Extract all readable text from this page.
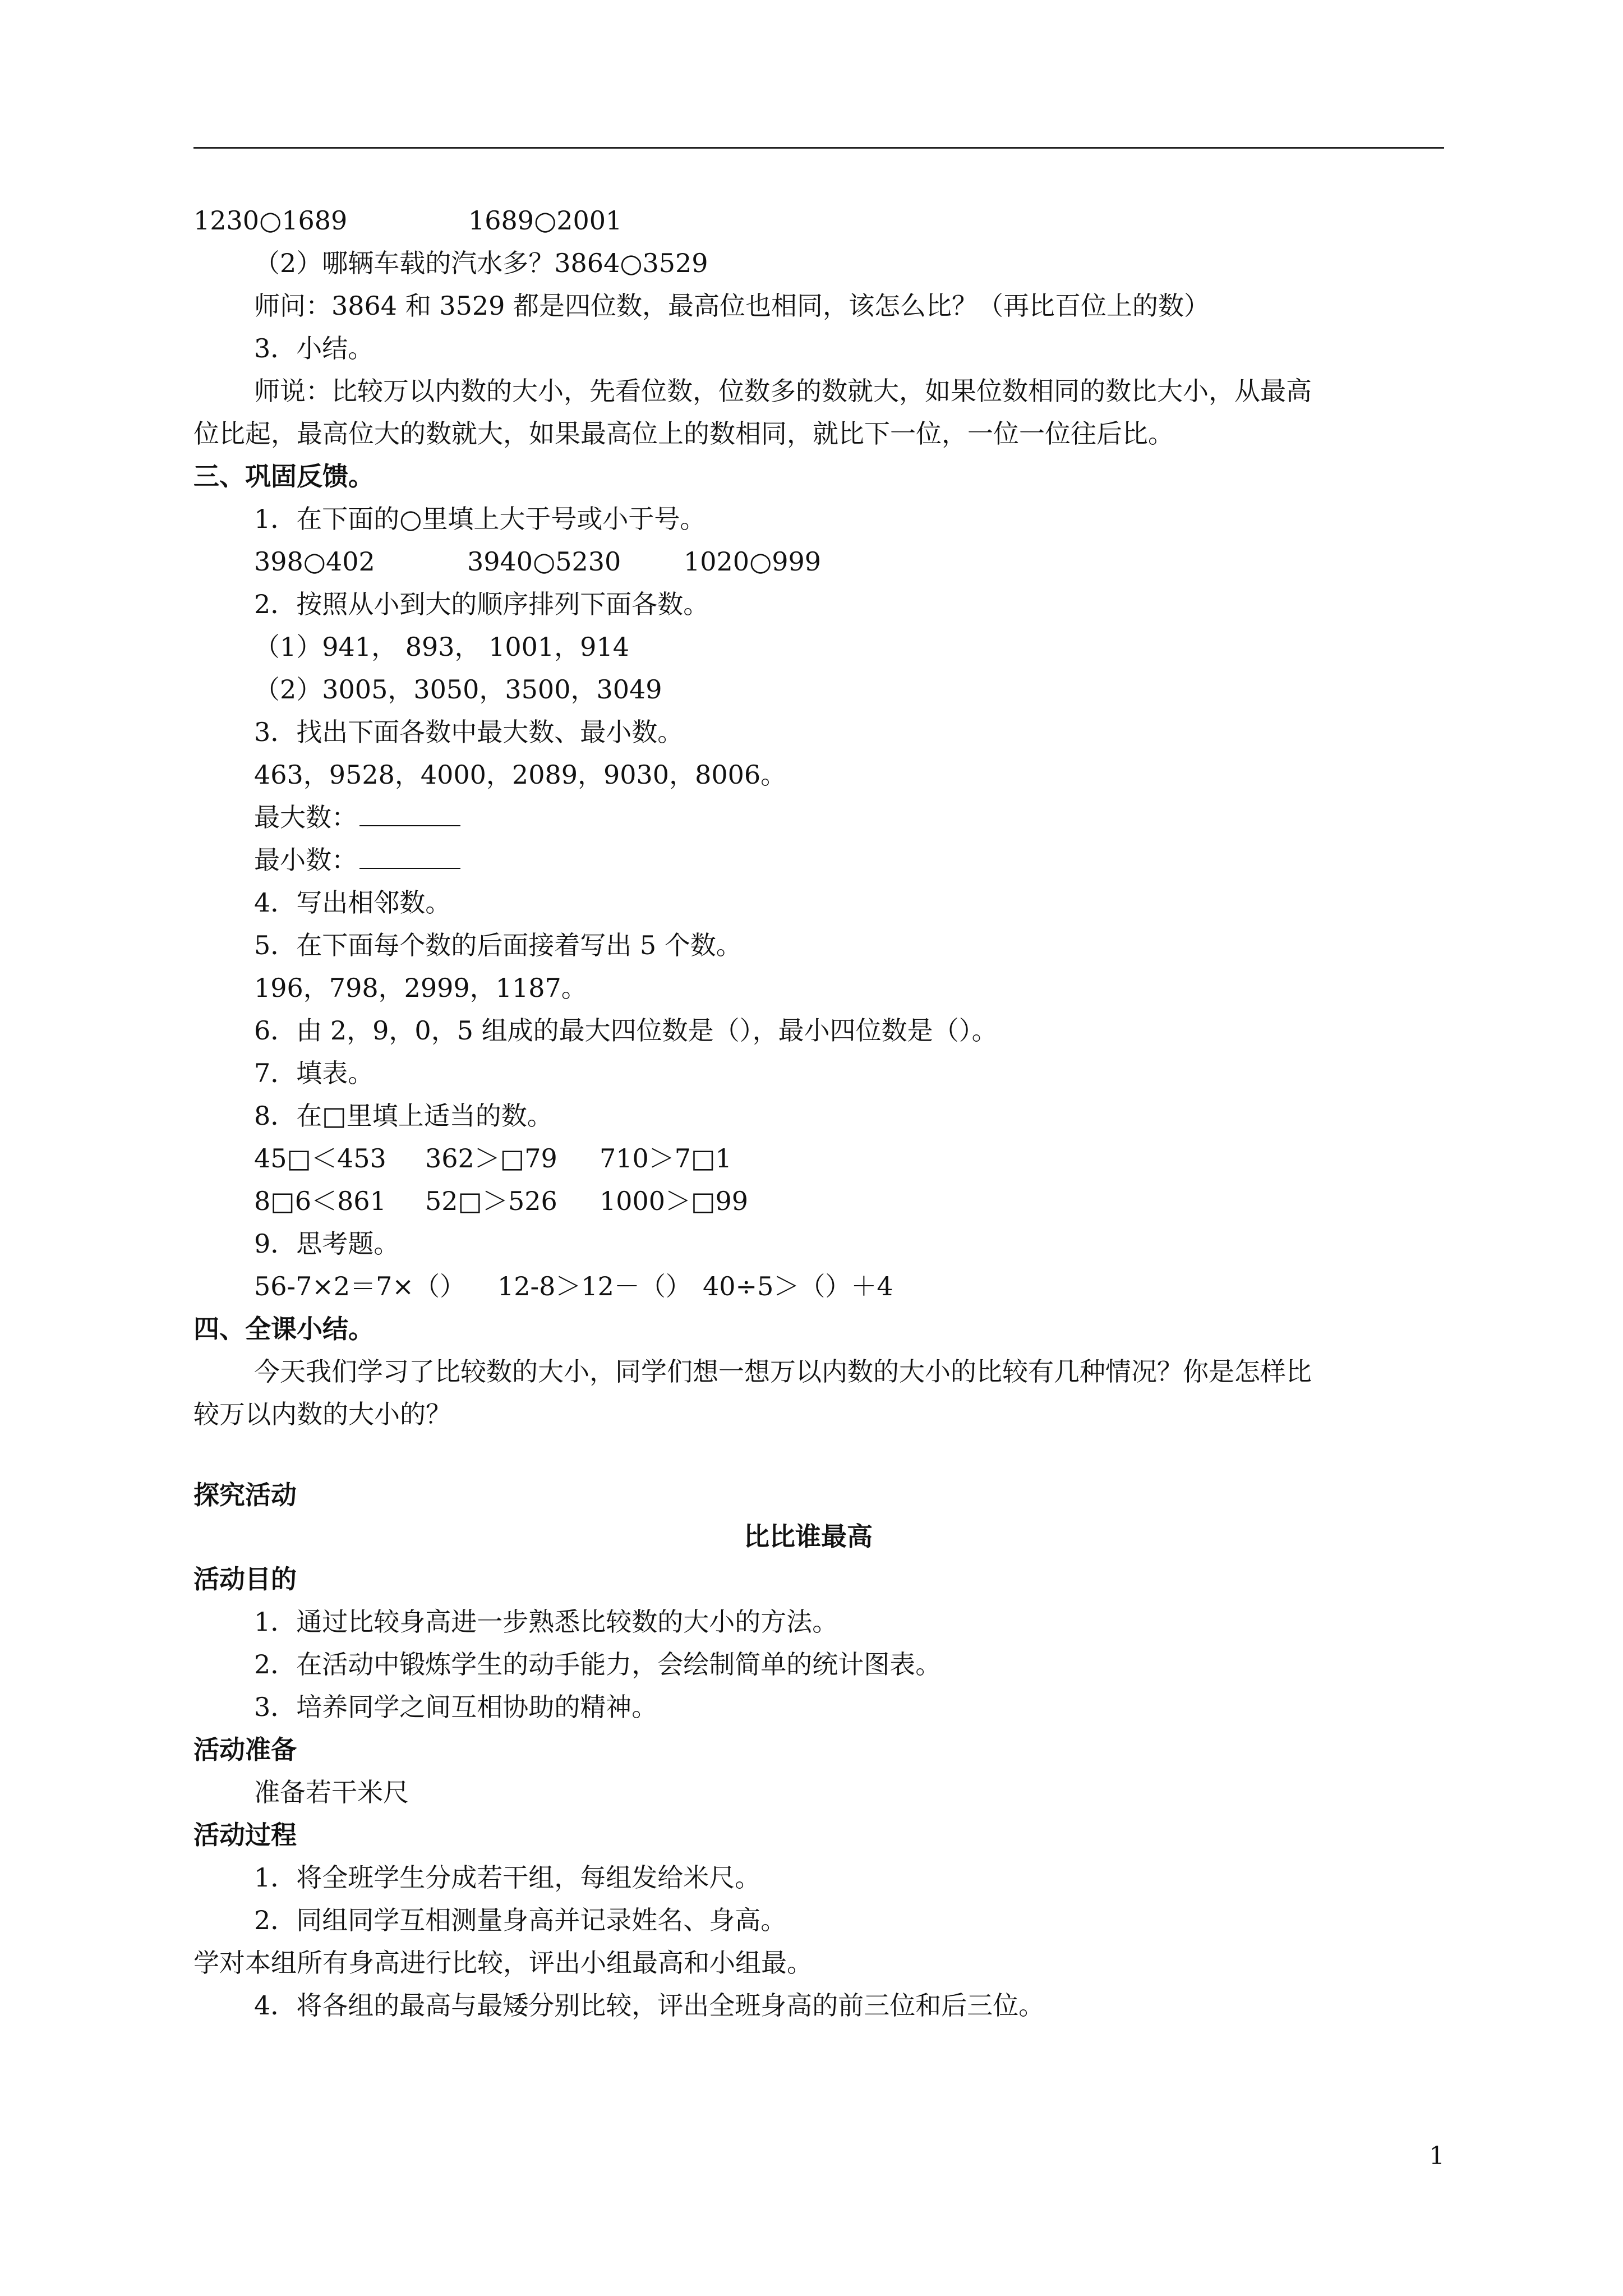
1230○1689	1689○2001
（2）哪辆车载的汽水多？3864○3529
师问：3864 和 3529 都是四位数，最高位也相同，该怎么比？（再比百位上的数）
3．小结。
师说：比较万以内数的大小，先看位数，位数多的数就大，如果位数相同的数比大小，从最高
位比起，最高位大的数就大，如果最高位上的数相同，就比下一位，一位一位往后比。
三、巩固反馈。
1．在下面的○里填上大于号或小于号。
398○402	3940○5230 1020○999
2．按照从小到大的顺序排列下面各数。
（1）941， 893， 1001，914
（2）3005，3050，3500，3049
3．找出下面各数中最大数、最小数。
463，9528，4000，2089，9030，8006。
最大数：
最小数：
4．写出相邻数。
5．在下面每个数的后面接着写出 5 个数。
196，798，2999，1187。
6．由 2，9，0，5 组成的最大四位数是（），最小四位数是（）。
7．填表。
8．在□里填上适当的数。
45□＜453 362＞□79 710＞7□1
8□6＜861 52□＞526 1000＞□99
9．思考题。
56-7×2＝7×（） 12-8＞12－（） 40÷5＞（）＋4
四、全课小结。
今天我们学习了比较数的大小，同学们想一想万以内数的大小的比较有几种情况？你是怎样比
较万以内数的大小的？
探究活动
比比谁最高
活动目的
1．通过比较身高进一步熟悉比较数的大小的方法。
2．在活动中锻炼学生的动手能力，会绘制简单的统计图表。
3．培养同学之间互相协助的精神。
活动准备
准备若干米尺
活动过程
1．将全班学生分成若干组，每组发给米尺。
2．同组同学互相测量身高并记录姓名、身高。
学对本组所有身高进行比较，评出小组最高和小组最。
4．将各组的最高与最矮分别比较，评出全班身高的前三位和后三位。
1
